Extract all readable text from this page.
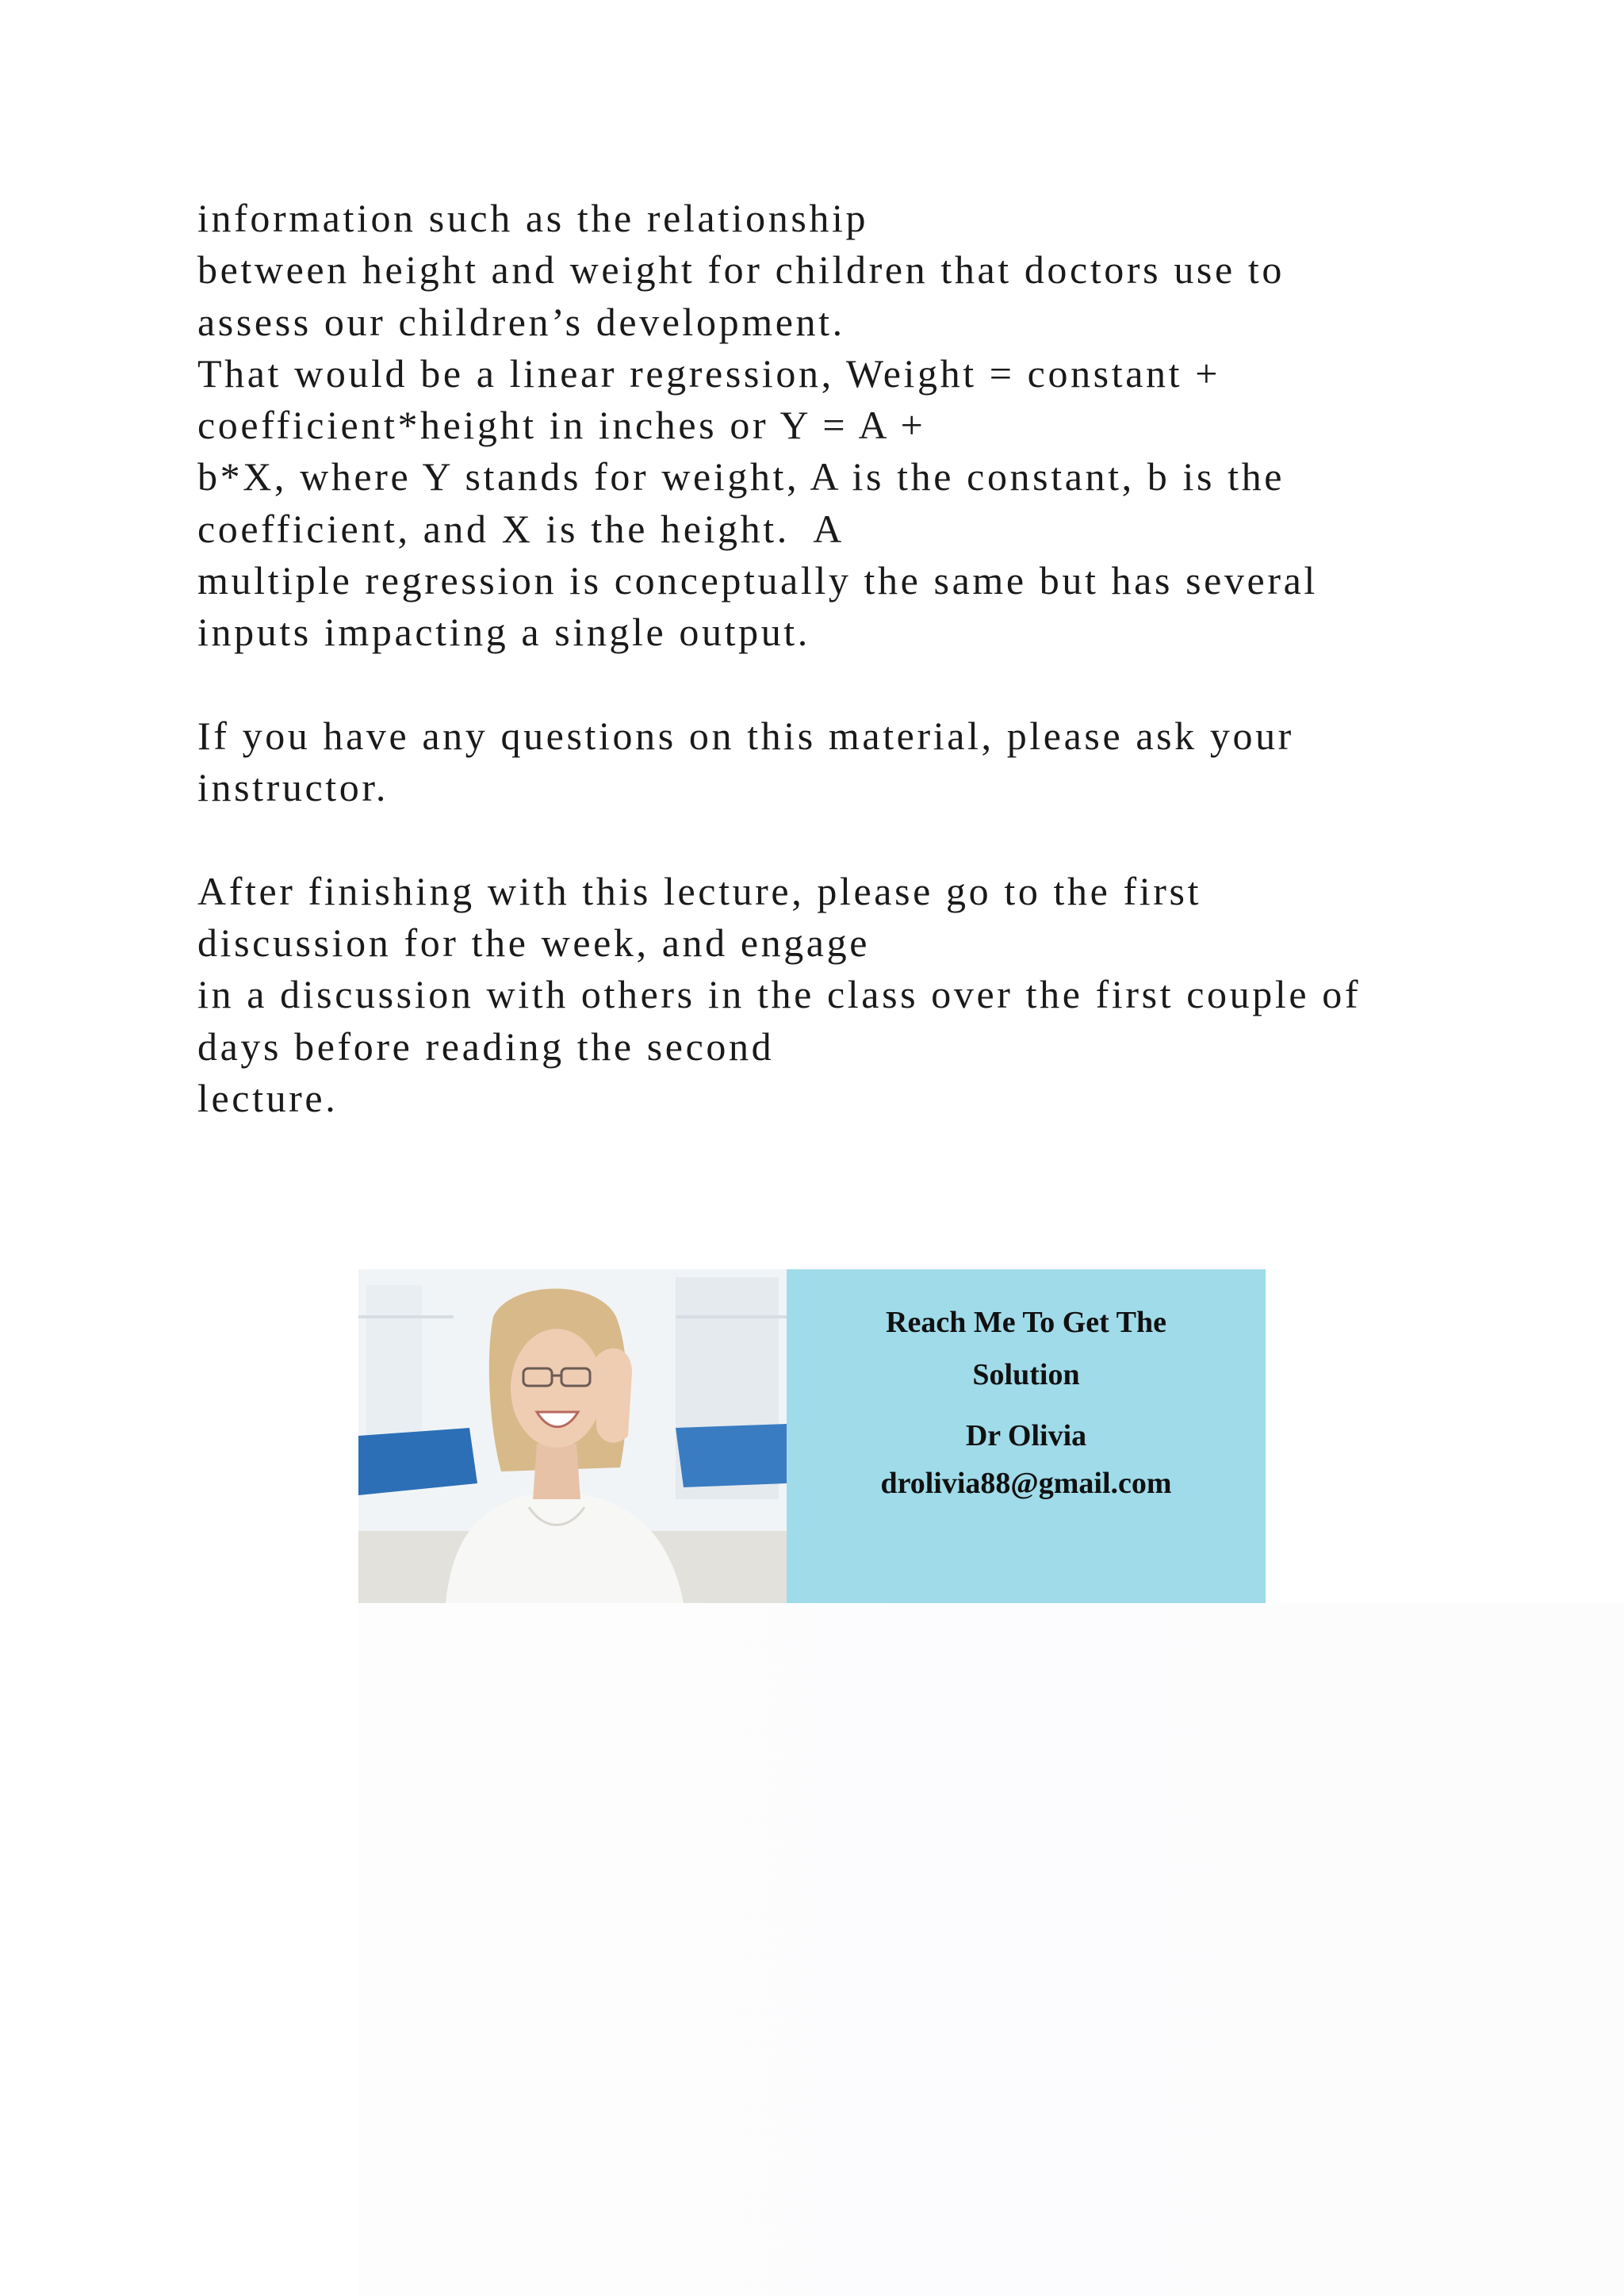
information such as the relationship
between height and weight for children that doctors use to
assess our children’s development.
That would be a linear regression, Weight = constant +
coefficient*height in inches or Y = A +
b*X, where Y stands for weight, A is the constant, b is the
coefficient, and X is the height.  A
multiple regression is conceptually the same but has several
inputs impacting a single output.
If you have any questions on this material, please ask your
instructor.
After finishing with this lecture, please go to the first
discussion for the week, and engage
in a discussion with others in the class over the first couple of
days before reading the second
lecture.
Reach Me To Get The
Solution
Dr Olivia
drolivia88@gmail.com
